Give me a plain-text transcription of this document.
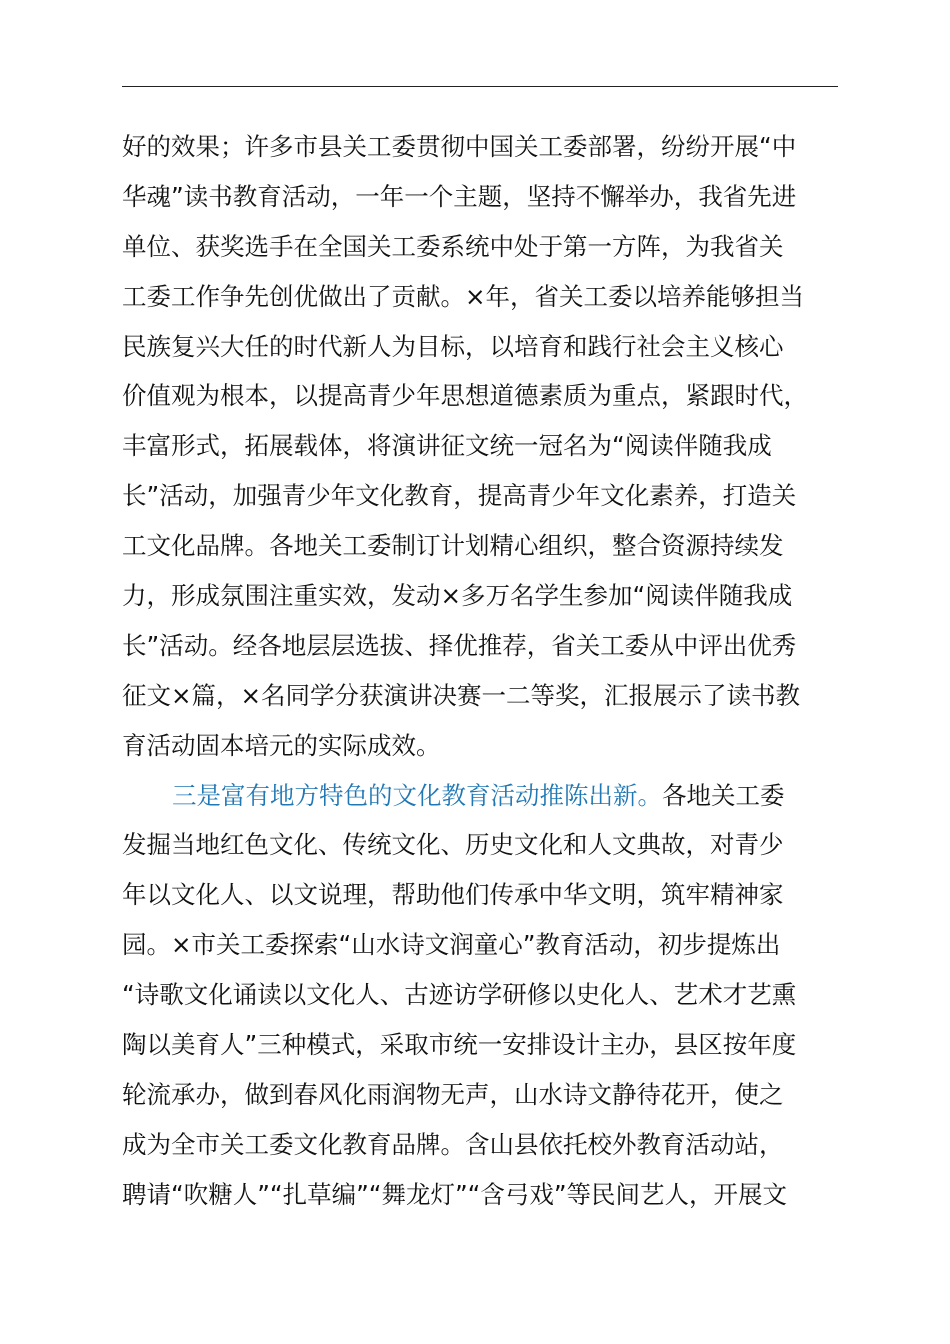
好的效果；许多市县关工委贯彻中国关工委部署，纷纷开展“中
华魂”读书教育活动，一年一个主题，坚持不懈举办，我省先进
单位、获奖选手在全国关工委系统中处于第一方阵，为我省关
工委工作争先创优做出了贡献。×年，省关工委以培养能够担当
民族复兴大任的时代新人为目标，以培育和践行社会主义核心
价值观为根本，以提高青少年思想道德素质为重点，紧跟时代，
丰富形式，拓展载体，将演讲征文统一冠名为“阅读伴随我成
长”活动，加强青少年文化教育，提高青少年文化素养，打造关
工文化品牌。各地关工委制订计划精心组织，整合资源持续发
力，形成氛围注重实效，发动×多万名学生参加“阅读伴随我成
长”活动。经各地层层选拔、择优推荐，省关工委从中评出优秀
征文×篇，×名同学分获演讲决赛一二等奖，汇报展示了读书教
育活动固本培元的实际成效。
三是富有地方特色的文化教育活动推陈出新。各地关工委
发掘当地红色文化、传统文化、历史文化和人文典故，对青少
年以文化人、以文说理，帮助他们传承中华文明，筑牢精神家
园。×市关工委探索“山水诗文润童心”教育活动，初步提炼出
“诗歌文化诵读以文化人、古迹访学研修以史化人、艺术才艺熏
陶以美育人”三种模式，采取市统一安排设计主办，县区按年度
轮流承办，做到春风化雨润物无声，山水诗文静待花开，使之
成为全市关工委文化教育品牌。含山县依托校外教育活动站，
聘请“吹糖人”“扎草编”“舞龙灯”“含弓戏”等民间艺人，开展文
